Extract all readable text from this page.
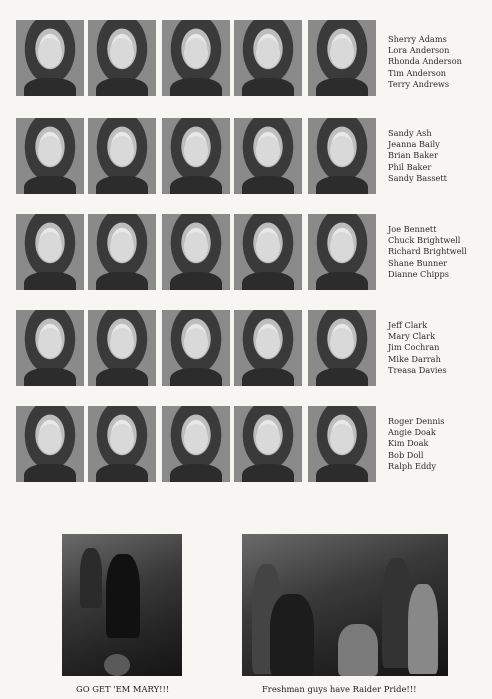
Sherry Adams
Lora Anderson
Rhonda Anderson
Tim Anderson
Terry Andrews
Sandy Ash
Jeanna Baily
Brian Baker
Phil Baker
Sandy Bassett
Joe Bennett
Chuck Brightwell
Richard Brightwell
Shane Bunner
Dianne Chipps
Jeff Clark
Mary Clark
Jim Cochran
Mike Darrah
Treasa Davies
Roger Dennis
Angie Doak
Kim Doak
Bob Doll
Ralph Eddy
GO GET 'EM MARY!!!	Freshman guys have Raider Pride!!!
